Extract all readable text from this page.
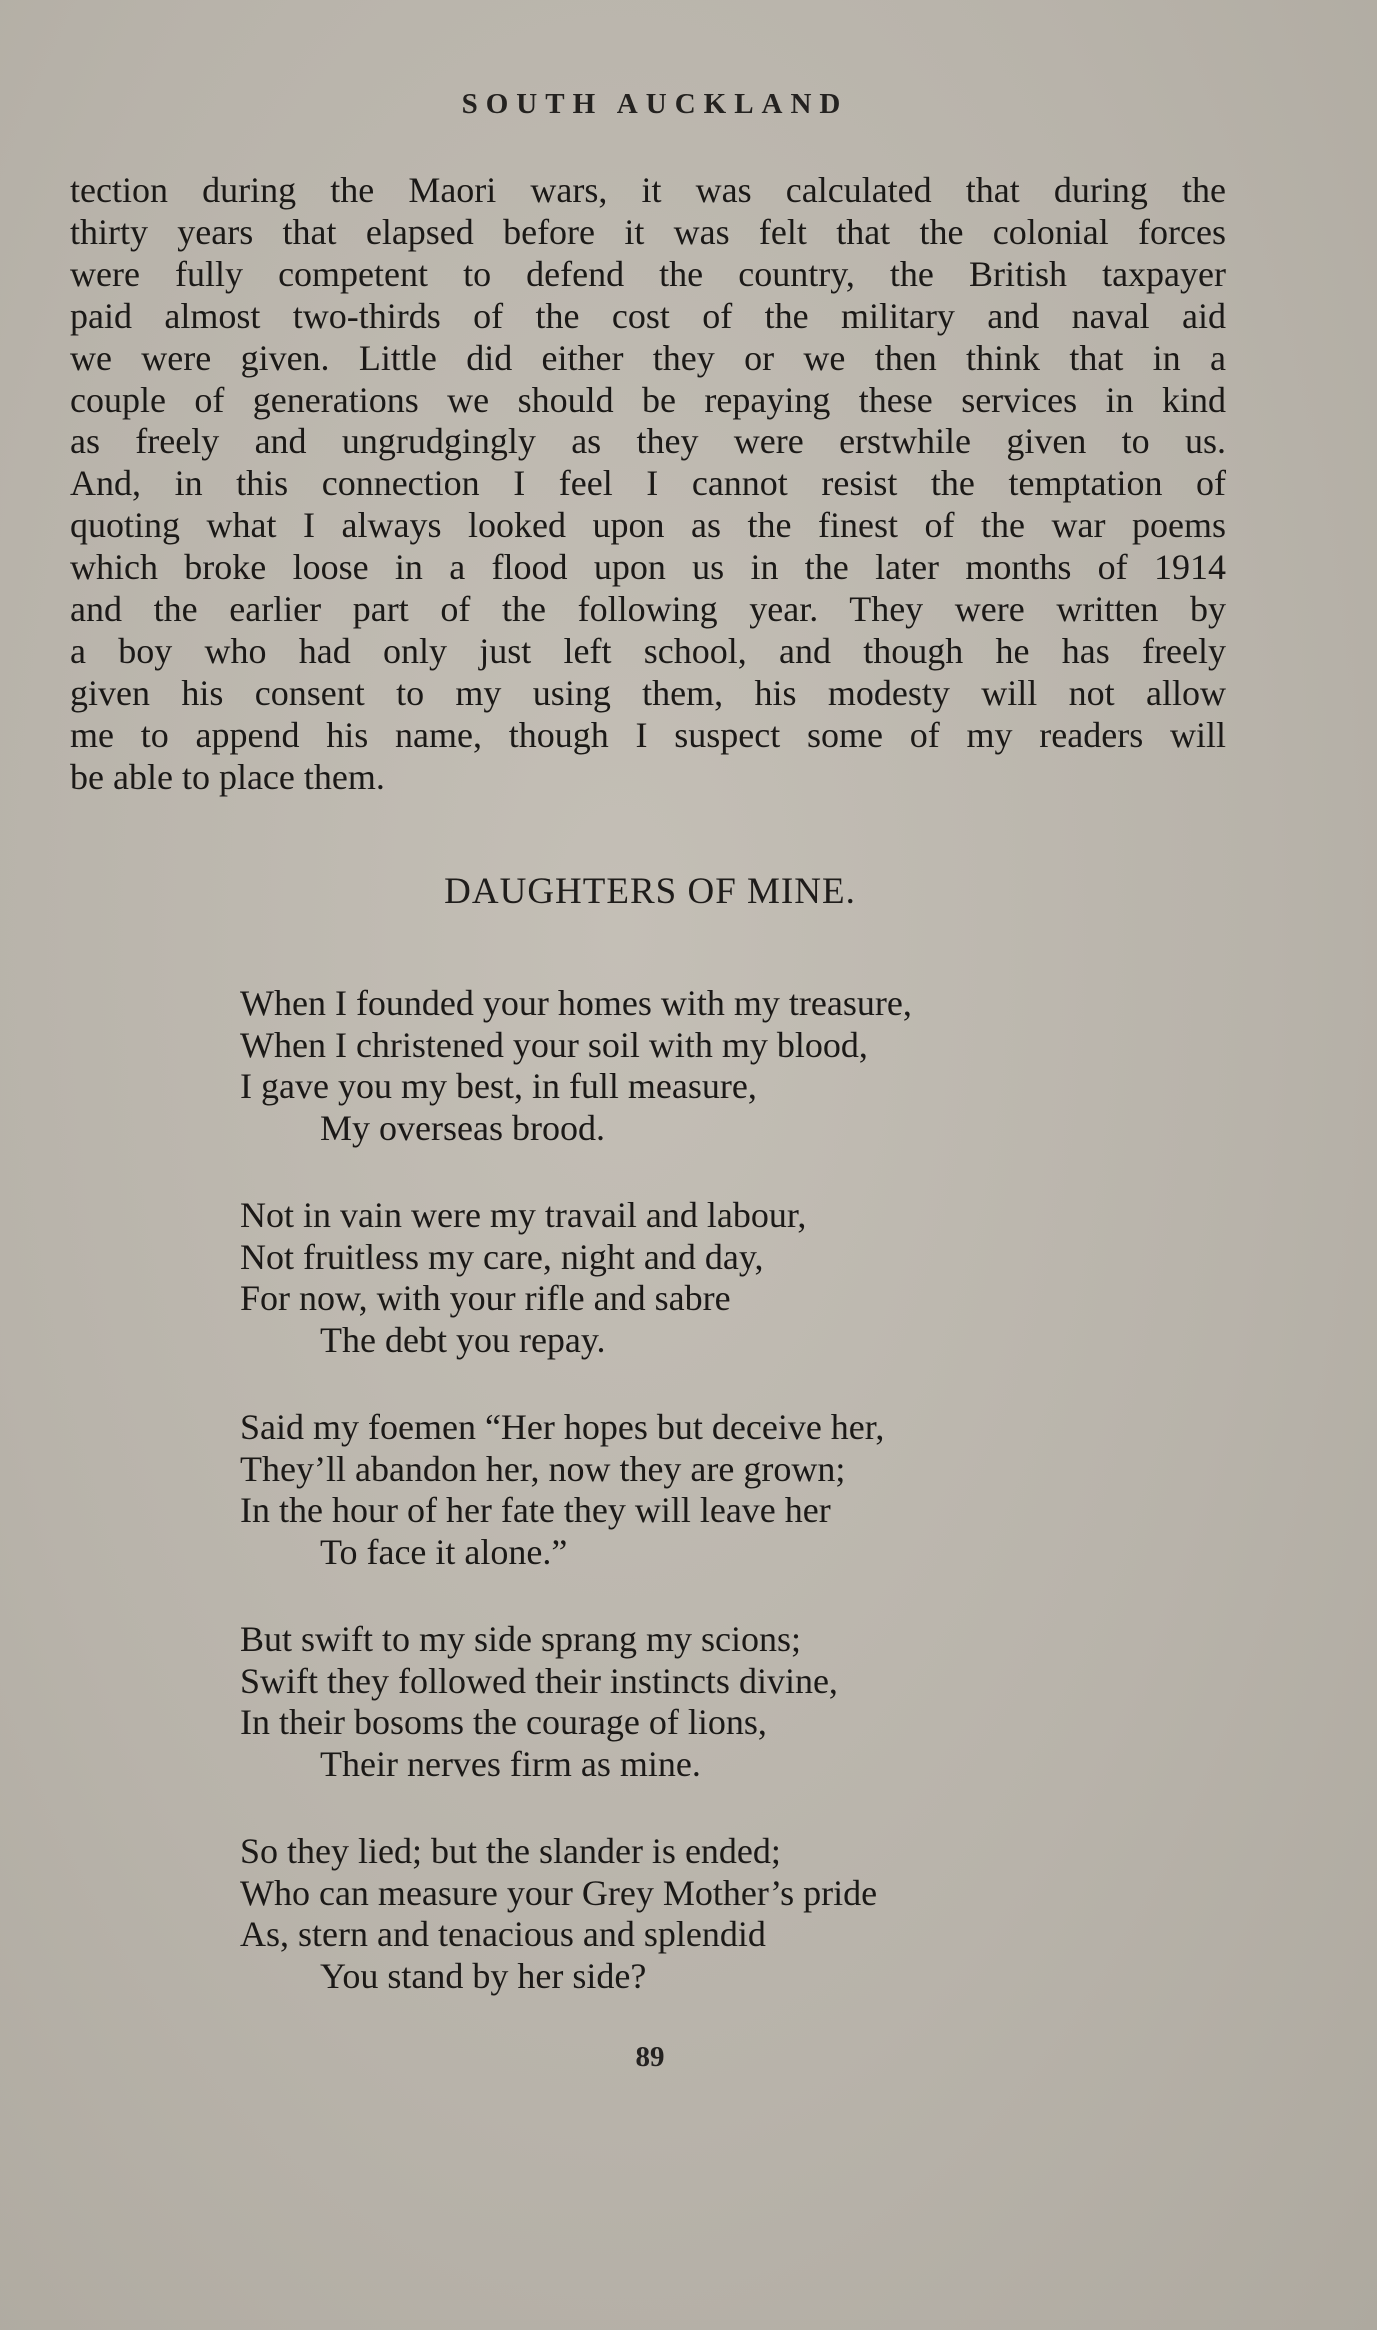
SOUTH AUCKLAND
tection during the Maori wars, it was calculated that during the
thirty years that elapsed before it was felt that the colonial forces
were fully competent to defend the country, the British taxpayer
paid almost two-thirds of the cost of the military and naval aid
we were given. Little did either they or we then think that in a
couple of generations we should be repaying these services in kind
as freely and ungrudgingly as they were erstwhile given to us.
And, in this connection I feel I cannot resist the temptation of
quoting what I always looked upon as the finest of the war poems
which broke loose in a flood upon us in the later months of 1914
and the earlier part of the following year. They were written by
a boy who had only just left school, and though he has freely
given his consent to my using them, his modesty will not allow
me to append his name, though I suspect some of my readers will
be able to place them.
DAUGHTERS OF MINE.
When I founded your homes with my treasure,
When I christened your soil with my blood,
I gave you my best, in full measure,
My overseas brood.
Not in vain were my travail and labour,
Not fruitless my care, night and day,
For now, with your rifle and sabre
The debt you repay.
Said my foemen “Her hopes but deceive her,
They’ll abandon her, now they are grown;
In the hour of her fate they will leave her
To face it alone.”
But swift to my side sprang my scions;
Swift they followed their instincts divine,
In their bosoms the courage of lions,
Their nerves firm as mine.
So they lied; but the slander is ended;
Who can measure your Grey Mother’s pride
As, stern and tenacious and splendid
You stand by her side?
89
